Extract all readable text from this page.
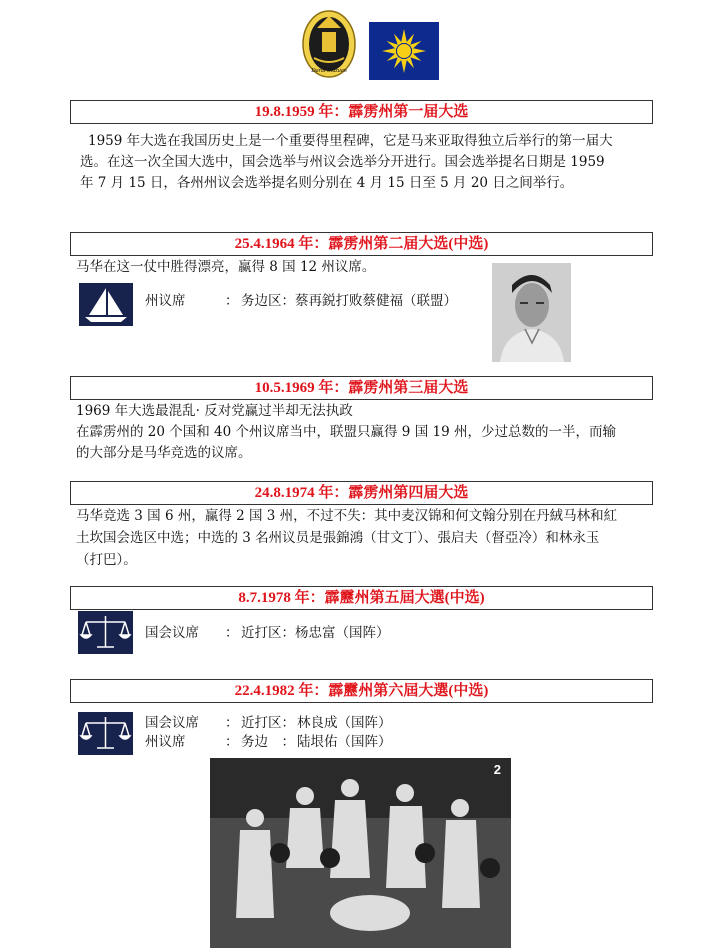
Darul Ridzuan
19.8.1959 年：霹雳州第一届大选
1959 年大选在我国历史上是一个重要得里程碑，它是马来亚取得独立后举行的第一届大
选。在这一次全国大选中，国会选举与州议会选举分开进行。国会选举提名日期是 1959
年 7 月 15 日，各州州议会选举提名则分别在 4 月 15 日至 5 月 20 日之间举行。
25.4.1964 年：霹雳州第二届大选(中选)
马华在这一仗中胜得漂亮，赢得 8 国 12 州议席。
州议席	： 务边区：蔡再鋭打败蔡健福（联盟）
10.5.1969 年：霹雳州第三届大选
1969 年大选最混乱· 反对党赢过半却无法执政
在霹雳州的 20 个国和 40 个州议席当中，联盟只赢得 9 国 19 州，少过总数的一半，而输
的大部分是马华竞选的议席。
24.8.1974 年：霹雳州第四届大选
马华竞选 3 国 6 州，赢得 2 国 3 州，不过不失：其中麦汉锦和何文翰分别在丹絨马林和紅
土坎国会选区中选；中选的 3 名州议员是張錦鴻（甘文丁）、張启夫（督亞冷）和林永玉
（打巴）。
8.7.1978 年：霹靂州第五屆大選(中选)
国会议席 ： 近打区：杨忠富（国阵）
22.4.1982 年：霹靂州第六屆大選(中选)
国会议席 ： 近打区： 林良成（国阵）
州议席	： 务边　： 陆垠佑（国阵）
2
